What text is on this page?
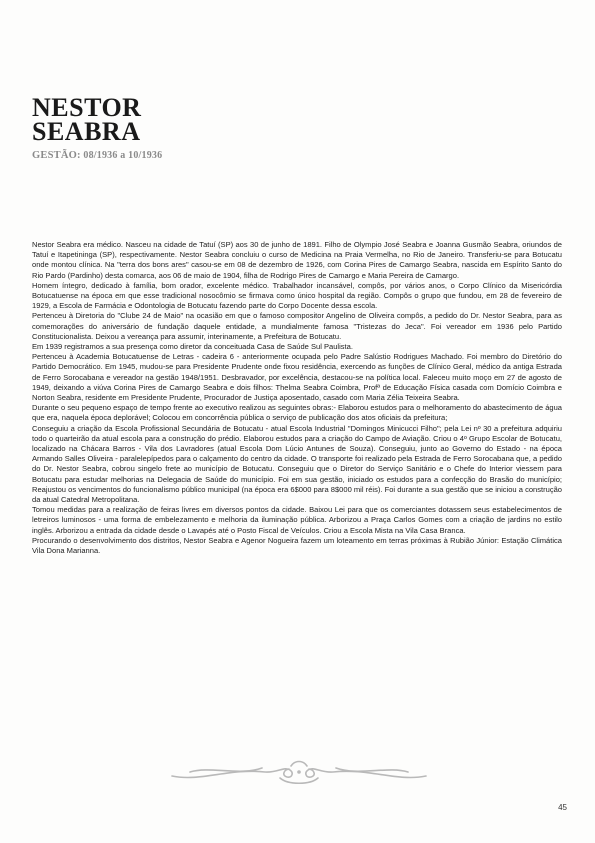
NESTOR
SEABRA
GESTÃO: 08/1936 a 10/1936

Nestor Seabra era médico. Nasceu na cidade de Tatuí (SP) aos 30 de junho de 1891. Filho de Olympio José Seabra e Joanna Gusmão Seabra, oriundos de Tatuí e Itapetininga (SP), respectivamente. Nestor Seabra concluiu o curso de Medicina na Praia Vermelha, no Rio de Janeiro. Transferiu-se para Botucatu onde montou clínica. Na "terra dos bons ares" casou-se em 08 de dezembro de 1926, com Corina Pires de Camargo Seabra, nascida em Espírito Santo do Rio Pardo (Pardinho) desta comarca, aos 06 de maio de 1904, filha de Rodrigo Pires de Camargo e Maria Pereira de Camargo.

Homem íntegro, dedicado à família, bom orador, excelente médico. Trabalhador incansável, compôs, por vários anos, o Corpo Clínico da Misericórdia Botucatuense na época em que esse tradicional nosocômio se firmava como único hospital da região. Compôs o grupo que fundou, em 28 de fevereiro de 1929, a Escola de Farmácia e Odontologia de Botucatu fazendo parte do Corpo Docente dessa escola.

Pertenceu à Diretoria do "Clube 24 de Maio" na ocasião em que o famoso compositor Angelino de Oliveira compôs, a pedido do Dr. Nestor Seabra, para as comemorações do aniversário de fundação daquele entidade, a mundialmente famosa "Tristezas do Jeca". Foi vereador em 1936 pelo Partido Constitucionalista. Deixou a vereança para assumir, interinamente, a Prefeitura de Botucatu.

Em 1939 registramos a sua presença como diretor da conceituada Casa de Saúde Sul Paulista.

Pertenceu à Academia Botucatuense de Letras - cadeira 6 - anteriormente ocupada pelo Padre Salústio Rodrigues Machado. Foi membro do Diretório do Partido Democrático. Em 1945, mudou-se para Presidente Prudente onde fixou residência, exercendo as funções de Clínico Geral, médico da antiga Estrada de Ferro Sorocabana e vereador na gestão 1948/1951. Desbravador, por excelência, destacou-se na política local. Faleceu muito moço em 27 de agosto de 1949, deixando a viúva Corina Pires de Camargo Seabra e dois filhos: Thelma Seabra Coimbra, Profª de Educação Física casada com Domício Coimbra e Norton Seabra, residente em Presidente Prudente, Procurador de Justiça aposentado, casado com Maria Zélia Teixeira Seabra.

Durante o seu pequeno espaço de tempo frente ao executivo realizou as seguintes obras:- Elaborou estudos para o melhoramento do abastecimento de água que era, naquela época deplorável; Colocou em concorrência pública o serviço de publicação dos atos oficiais da prefeitura;

Conseguiu a criação da Escola Profissional Secundária de Botucatu - atual Escola Industrial "Domingos Minicucci Filho"; pela Lei nº 30 a prefeitura adquiriu todo o quarteirão da atual escola para a construção do prédio. Elaborou estudos para a criação do Campo de Aviação. Criou o 4º Grupo Escolar de Botucatu, localizado na Chácara Barros - Vila dos Lavradores (atual Escola Dom Lúcio Antunes de Souza). Conseguiu, junto ao Governo do Estado - na época Armando Salles Oliveira - paralelepípedos para o calçamento do centro da cidade. O transporte foi realizado pela Estrada de Ferro Sorocabana que, a pedido do Dr. Nestor Seabra, cobrou singelo frete ao município de Botucatu. Conseguiu que o Diretor do Serviço Sanitário e o Chefe do Interior viessem para Botucatu para estudar melhorias na Delegacia de Saúde do município. Foi em sua gestão, iniciado os estudos para a confecção do Brasão do município; Reajustou os vencimentos do funcionalismo público municipal (na época era 6$000 para 8$000 mil réis). Foi durante a sua gestão que se iniciou a construção da atual Catedral Metropolitana.

Tomou medidas para a realização de feiras livres em diversos pontos da cidade. Baixou Lei para que os comerciantes dotassem seus estabelecimentos de letreiros luminosos - uma forma de embelezamento e melhoria da iluminação pública. Arborizou a Praça Carlos Gomes com a criação de jardins no estilo inglês. Arborizou a entrada da cidade desde o Lavapés até o Posto Fiscal de Veículos. Criou a Escola Mista na Vila Casa Branca.

Procurando o desenvolvimento dos distritos, Nestor Seabra e Agenor Nogueira fazem um loteamento em terras próximas à Rubião Júnior: Estação Climática Vila Dona Marianna.

45
